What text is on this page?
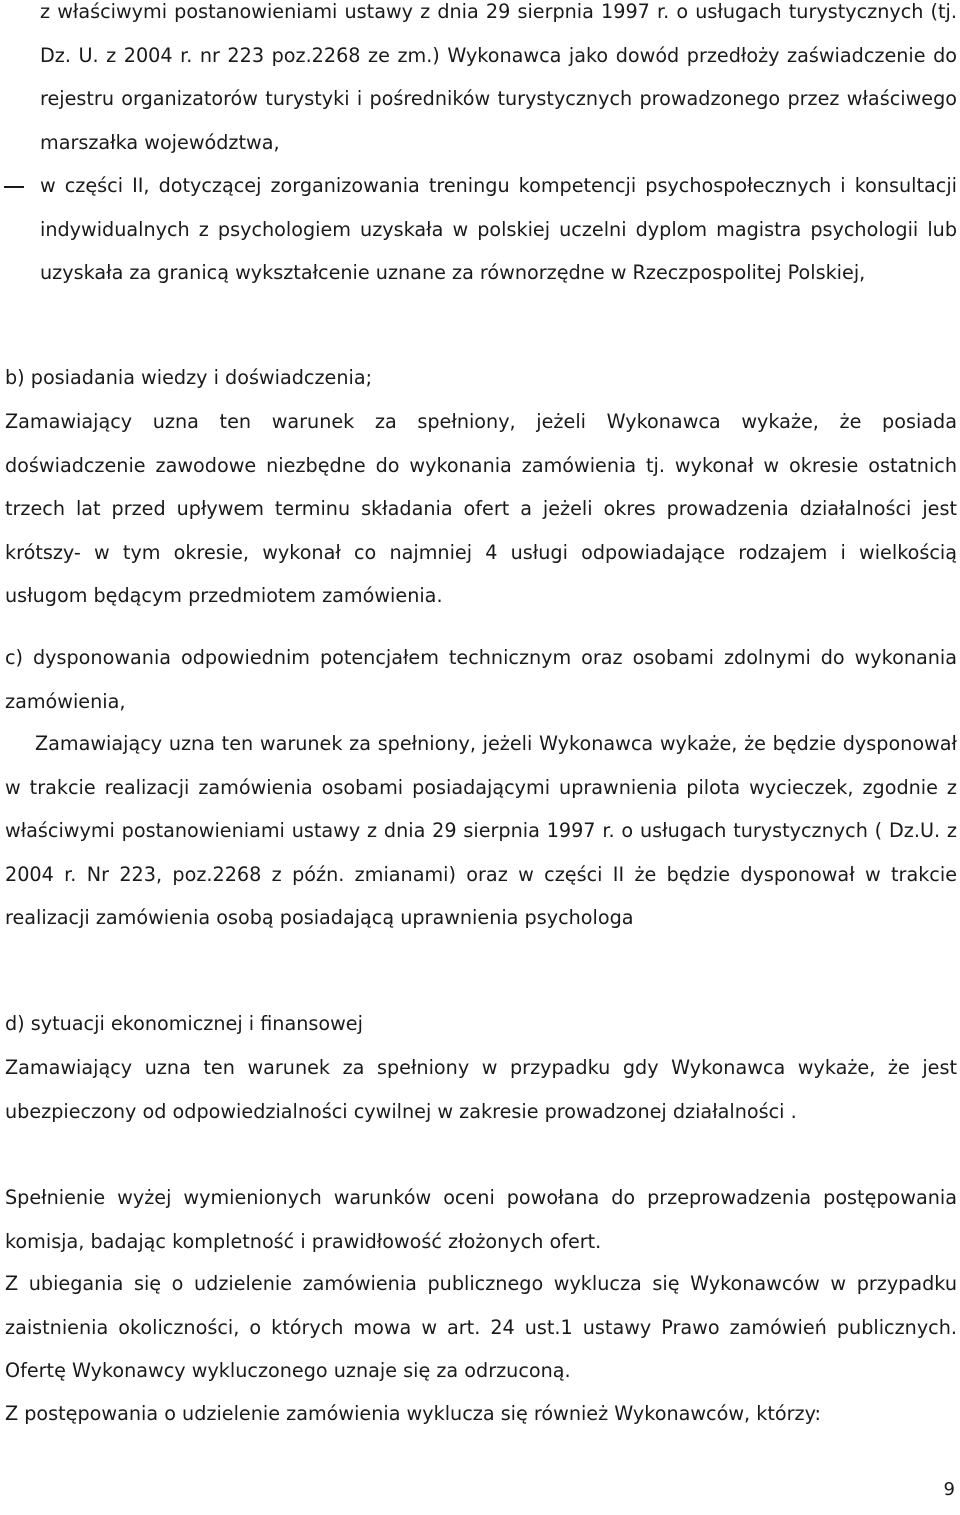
z właściwymi postanowieniami ustawy z dnia 29 sierpnia 1997 r. o usługach turystycznych (tj. Dz. U. z 2004 r. nr 223 poz.2268 ze zm.) Wykonawca jako dowód przedłoży zaświadczenie do rejestru organizatorów turystyki i pośredników turystycznych prowadzonego przez właściwego marszałka województwa,
w części II, dotyczącej zorganizowania treningu kompetencji psychospołecznych i konsultacji indywidualnych z psychologiem uzyskała w polskiej uczelni dyplom magistra psychologii lub uzyskała za granicą wykształcenie uznane za równorzędne w Rzeczpospolitej Polskiej,
b) posiadania wiedzy i doświadczenia;
Zamawiający uzna ten warunek za spełniony, jeżeli Wykonawca wykaże, że posiada doświadczenie zawodowe niezbędne do wykonania zamówienia tj. wykonał w okresie ostatnich trzech lat przed upływem terminu składania ofert a jeżeli okres prowadzenia działalności jest krótszy- w tym okresie, wykonał co najmniej 4 usługi odpowiadające rodzajem i wielkością usługom będącym przedmiotem zamówienia.
c) dysponowania odpowiednim potencjałem technicznym oraz osobami zdolnymi do wykonania zamówienia,
Zamawiający uzna ten warunek za spełniony, jeżeli Wykonawca wykaże, że będzie dysponował w trakcie realizacji zamówienia osobami posiadającymi uprawnienia pilota wycieczek, zgodnie z właściwymi postanowieniami ustawy z dnia 29 sierpnia 1997 r. o usługach turystycznych ( Dz.U. z 2004 r. Nr 223, poz.2268 z późn. zmianami) oraz w części II że będzie dysponował w trakcie realizacji zamówienia osobą posiadającą uprawnienia psychologa
d) sytuacji ekonomicznej i finansowej
Zamawiający uzna ten warunek za spełniony w przypadku gdy Wykonawca wykaże, że jest ubezpieczony od odpowiedzialności cywilnej w zakresie prowadzonej działalności .
Spełnienie wyżej wymienionych warunków oceni powołana do przeprowadzenia postępowania komisja, badając kompletność i prawidłowość złożonych ofert.
Z ubiegania się o udzielenie zamówienia publicznego wyklucza się Wykonawców w przypadku zaistnienia okoliczności, o których mowa w art. 24 ust.1 ustawy Prawo zamówień publicznych. Ofertę Wykonawcy wykluczonego uznaje się za odrzuconą.
Z postępowania o udzielenie zamówienia wyklucza się również Wykonawców, którzy:
9
